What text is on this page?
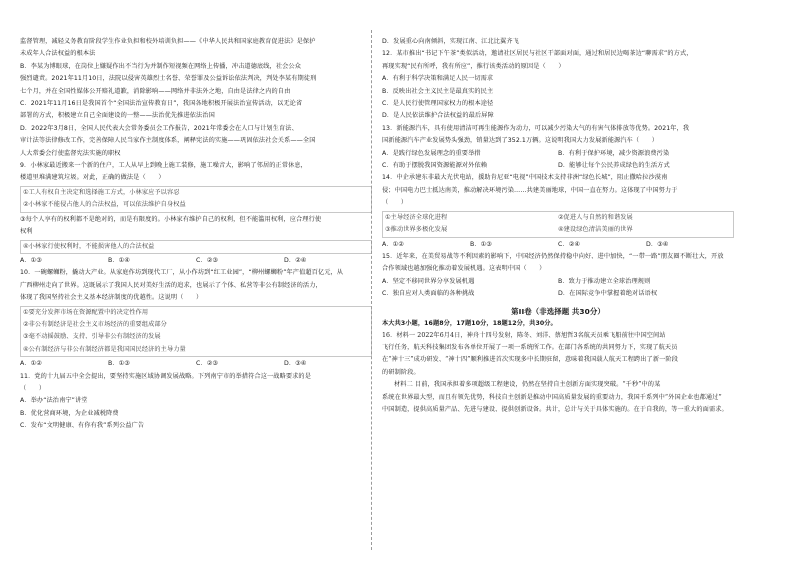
监督管理，减轻义务教育阶段学生作业负担和校外培训负担——《中华人民共和国家庭教育促进法》是保护
未成年人合法权益的根本法

B．李某为博眼球，在岗位上嫌疑作出不当行为并制作短视频在网络上传播，冲击道德底线，社会公众
强烈谴责。2021年11月10日，法院以侵害英雄烈士名誉、荣誉罪及公益诉讼依法判决，判处李某有期徒刑
七个月，并在全国性媒体公开赔礼道歉，消除影响——网络并非法外之地，自由是法律之内的自由

C．2021年11月16日是我国首个“全国法治宣传教育日”，我国各地积极开展法治宣传活动，以无论省
部署的方式，积极建立自己全面建设的一整——法治优先推进依法治国

D．2022年3月8日，全国人民代表大会常务委员会工作报告，2021年常委会在人口与计划生育法、
审计法等法律修改工作，完善保障人民当家作主制度体系，阐释宪法的实施——巩固依法社会关系——全国
人大常委会行使监督宪法实施的职权

9．小林家最近搬来一个新的住户，工人从早上到晚上施工装修，施工噪音大，影响了邻居的正常休息，
楼道里堆满建筑垃圾。对此，正确的做法是（　　）

①工人有权自主决定和选择施工方式，小林家应予以容忍
②小林家不能侵占他人的合法权益，可以依法维护自身权益

③每个人享有的权利都不是绝对的，而是有限度的。小林家有维护自己的权利，但不能滥用权利，应合理行使
权利

④小林家行使权利时，不能损害他人的合法权益
A．①③	B．①④	C．②③	D．②④

10．一碗螺蛳粉，撬动大产业。从家庭作坊到现代工厂，从小作坊到“红工业园”，“柳州螺蛳粉”年产值超百亿元，从
广西柳州走向了世界。这既展示了我国人民对美好生活的追求，也展示了个体、私营等非公有制经济的活力，
体现了我国坚持社会主义基本经济制度的优越性。这说明（　　）

①要充分发挥市场在资源配置中的决定性作用
②非公有制经济是社会主义市场经济的重要组成部分
③毫不动摇鼓励、支持、引导非公有制经济的发展
④公有制经济与非公有制经济都是我国国民经济的主导力量
A．①②	B．①③	C．②③	D．③④

11．党的十九届五中全会提出，要坚持实施区域协调发展战略。下列南宁市的举措符合这一战略要求的是
（　　）

A．举办“法治南宁”讲堂
B．优化营商环境，为企业减税降费
C．发布“文明健康、有你有我”系列公益广告
D．发展重心向南倾斜，实现江南、江北比翼齐飞

12．某市推出“书记下午茶”类似活动，邀请社区居民与社区干部面对面，通过和居民边喝茶边“聊需求”的方式，
再现实现“民有所呼，我有所应”，推行该类活动的原因是（　　）

A．有利于科学决策和满足人民一切需求
B．反映出社会主义民主是最真实的民主
C．是人民行使管理国家权力的根本途径
D．是人民依法维护合法权益的最后屏障

13．新能源汽车，具有使用清洁可再生能源作为动力，可以减少污染大气的有害气体排放等优势。2021年，我
国新能源汽车产业发展势头强劲，销量达到了352.1万辆。这说明我国大力发展新能源汽车（　　）

A．是践行绿色发展理念的重要举措	B．有利于保护环境，减少资源浪费污染
C．有助于摆脱我国资源能源对外依赖	D．能够让每个公民养成绿色的生活方式

14．中企承建东非最大光伏电站，援助肯尼亚“电视”中国技术支持非洲“绿色长城”，阻止撒哈拉沙漠南
侵；中国电力巴士抵达南美，推动解决环境污染……共建美丽地球，中国一直在努力。这体现了中国努力于
（　　）

①主导经济全球化进程	②促进人与自然的和谐发展
③推动世界多极化发展	④建设绿色清洁美丽的世界
A．①②	B．①③	C．②④	D．③④

15．近年来，在美贸易战等不利因素的影响下，中国经济仍然保持稳中向好、进中加快，“一带一路”朋友圈不断壮大，开放
合作领域也越加强化推动着发展机遇。这表明中国（　　）

A．坚定不移同世界分享发展机遇	B．致力于推动建立全球治理规则
C．独自应对人类面临的各种挑战	D．在国际竞争中掌握着绝对话语权
第II卷（非选择题 共30分）
本大共3小题，16题8分，17题10分，18题12分，共30分。

16．材料一 2022年6月4日，神舟十四号发射，陈冬、刘洋、蔡旭哲3名航天员乘飞船前往中国空间站
飞行任务，航天科技集团发布各单位开展了一项一系统所工作。在部门各系统的共同努力下，实现了航天员
在“神十三”成功研发、“神十四”顺利推进首次实现多中长期驻留，意味着我国载人航天工程跨出了新一阶段
的研制阶段。

材料二 目前，我国承担着多项超级工程建设，仍然在坚持自主创新方面实现突破。“千秒”中的某
系统在世界最大型，而且有领先优势，科技自主创新是推动中国高质量发展的重要动力，我国千系列中“外国企业也都通过”
中国制造，提供高质量产品、先进与建设、提供创新设备。共计，总计与关于具体实施的。在于自我的，等一重大的面需求。
